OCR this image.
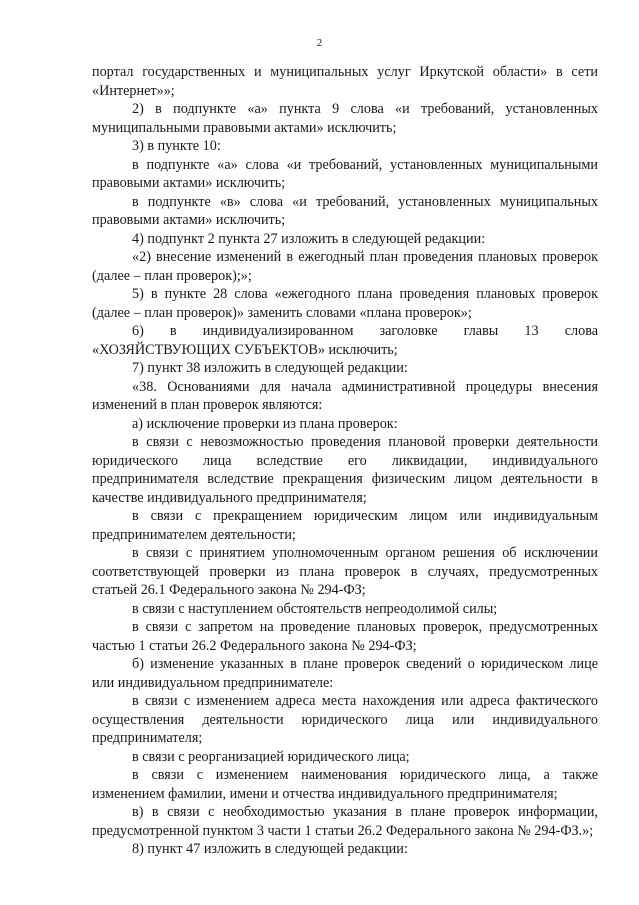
2

портал государственных и муниципальных услуг Иркутской области» в сети «Интернет»»;

2) в подпункте «а» пункта 9 слова «и требований, установленных муниципальными правовыми актами» исключить;

3) в пункте 10:

в подпункте «а» слова «и требований, установленных муниципальными правовыми актами» исключить;

в подпункте «в» слова «и требований, установленных муниципальных правовыми актами» исключить;

4) подпункт 2 пункта 27 изложить в следующей редакции:

«2) внесение изменений в ежегодный план проведения плановых проверок (далее – план проверок);»;

5) в пункте 28 слова «ежегодного плана проведения плановых проверок (далее – план проверок)» заменить словами «плана проверок»;

6) в индивидуализированном заголовке главы 13 слова «ХОЗЯЙСТВУЮЩИХ СУБЪЕКТОВ» исключить;

7) пункт 38 изложить в следующей редакции:

«38. Основаниями для начала административной процедуры внесения изменений в план проверок являются:

а) исключение проверки из плана проверок:

в связи с невозможностью проведения плановой проверки деятельности юридического лица вследствие его ликвидации, индивидуального предпринимателя вследствие прекращения физическим лицом деятельности в качестве индивидуального предпринимателя;

в связи с прекращением юридическим лицом или индивидуальным предпринимателем деятельности;

в связи с принятием уполномоченным органом решения об исключении соответствующей проверки из плана проверок в случаях, предусмотренных статьей 26.1 Федерального закона № 294-ФЗ;

в связи с наступлением обстоятельств непреодолимой силы;

в связи с запретом на проведение плановых проверок, предусмотренных частью 1 статьи 26.2 Федерального закона № 294-ФЗ;

б) изменение указанных в плане проверок сведений о юридическом лице или индивидуальном предпринимателе:

в связи с изменением адреса места нахождения или адреса фактического осуществления деятельности юридического лица или индивидуального предпринимателя;

в связи с реорганизацией юридического лица;

в связи с изменением наименования юридического лица, а также изменением фамилии, имени и отчества индивидуального предпринимателя;

в) в связи с необходимостью указания в плане проверок информации, предусмотренной пунктом 3 части 1 статьи 26.2 Федерального закона № 294-ФЗ.»;

8) пункт 47 изложить в следующей редакции:
